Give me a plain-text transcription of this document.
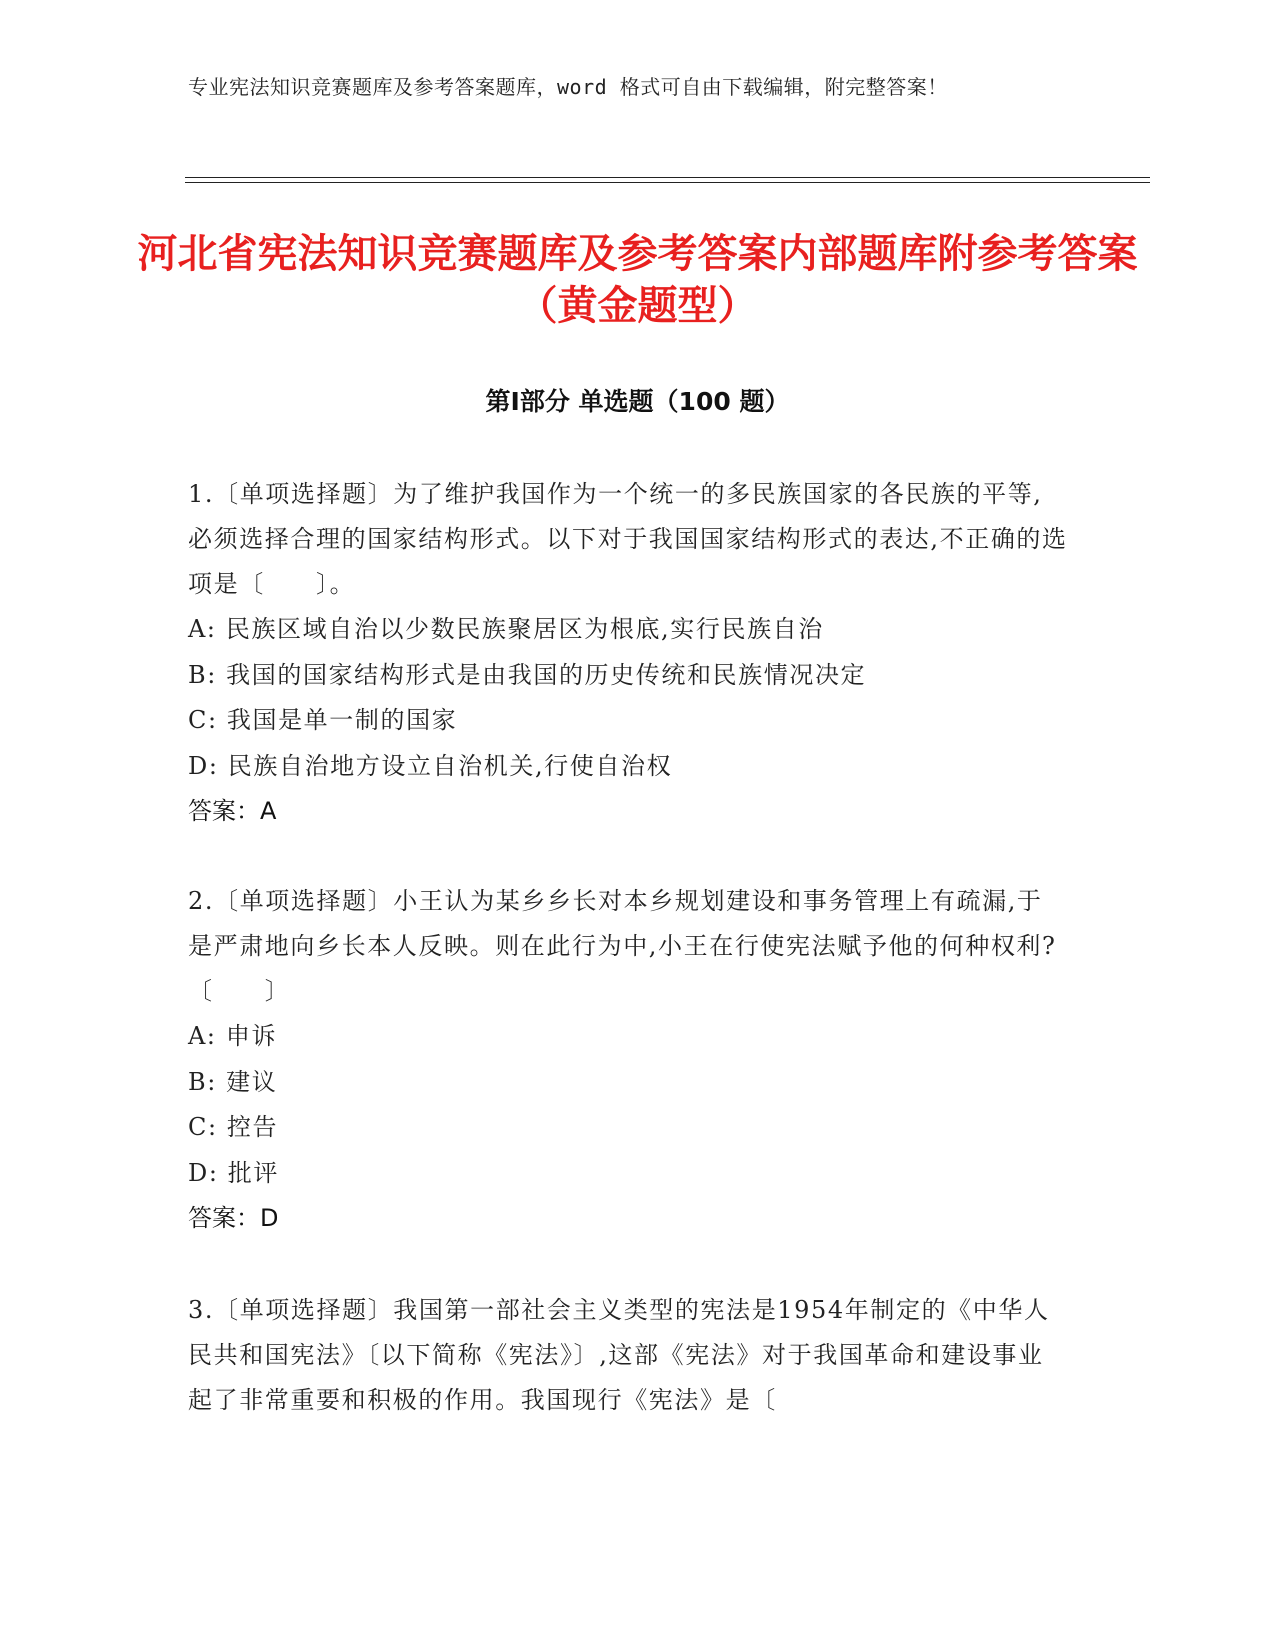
专业宪法知识竞赛题库及参考答案题库，word 格式可自由下载编辑，附完整答案！
河北省宪法知识竞赛题库及参考答案内部题库附参考答案（黄金题型）
第Ⅰ部分 单选题（100 题）

1.〔单项选择题〕为了维护我国作为一个统一的多民族国家的各民族的平等,必须选择合理的国家结构形式。以下对于我国国家结构形式的表达,不正确的选项是〔　　〕。

A: 民族区域自治以少数民族聚居区为根底,实行民族自治

B: 我国的国家结构形式是由我国的历史传统和民族情况决定

C: 我国是单一制的国家

D: 民族自治地方设立自治机关,行使自治权

答案：A

2.〔单项选择题〕小王认为某乡乡长对本乡规划建设和事务管理上有疏漏,于是严肃地向乡长本人反映。则在此行为中,小王在行使宪法赋予他的何种权利?〔　　〕

A: 申诉

B: 建议

C: 控告

D: 批评

答案：D

3.〔单项选择题〕我国第一部社会主义类型的宪法是1954年制定的《中华人民共和国宪法》〔以下简称《宪法》〕,这部《宪法》对于我国革命和建设事业起了非常重要和积极的作用。我国现行《宪法》是〔
